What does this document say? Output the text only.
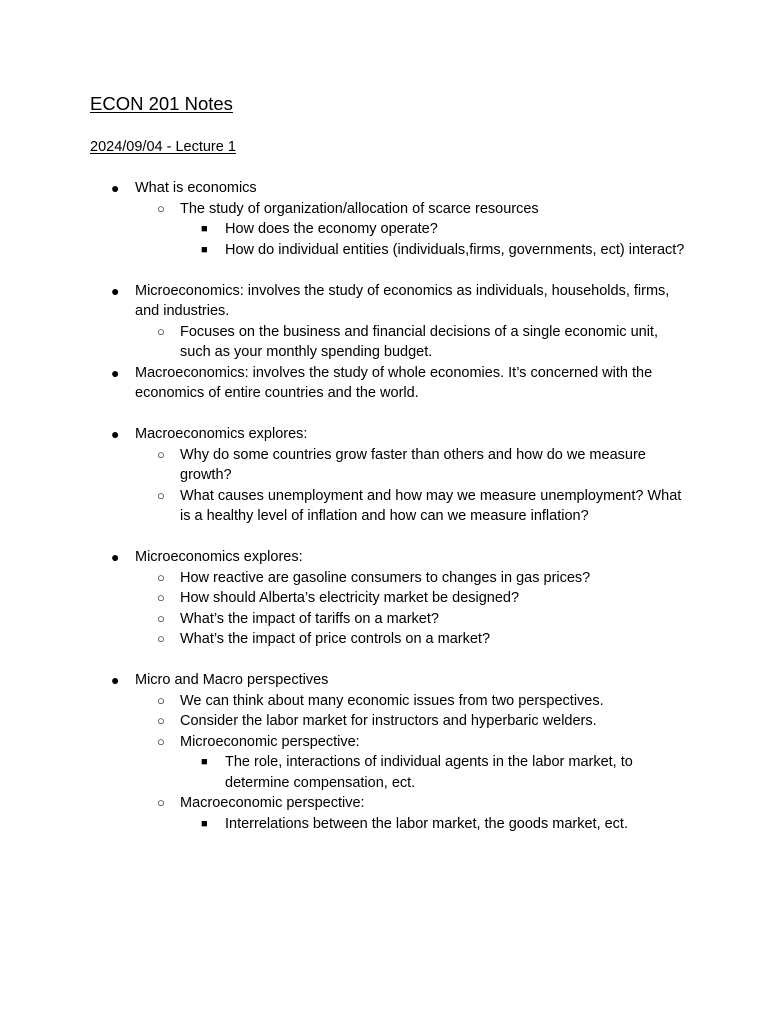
ECON 201 Notes
2024/09/04 - Lecture 1
● What is economics
○ The study of organization/allocation of scarce resources
■ How does the economy operate?
■ How do individual entities (individuals,firms, governments, ect) interact?
● Microeconomics: involves the study of economics as individuals, households, firms, and industries.
○ Focuses on the business and financial decisions of a single economic unit, such as your monthly spending budget.
● Macroeconomics: involves the study of whole economies. It’s concerned with the economics of entire countries and the world.
● Macroeconomics explores:
○ Why do some countries grow faster than others and how do we measure growth?
○ What causes unemployment and how may we measure unemployment? What is a healthy level of inflation and how can we measure inflation?
● Microeconomics explores:
○ How reactive are gasoline consumers to changes in gas prices?
○ How should Alberta’s electricity market be designed?
○ What’s the impact of tariffs on a market?
○ What’s the impact of price controls on a market?
● Micro and Macro perspectives
○ We can think about many economic issues from two perspectives.
○ Consider the labor market for instructors and hyperbaric welders.
○ Microeconomic perspective:
■ The role, interactions of individual agents in the labor market, to determine compensation, ect.
○ Macroeconomic perspective:
■ Interrelations between the labor market, the goods market, ect.
